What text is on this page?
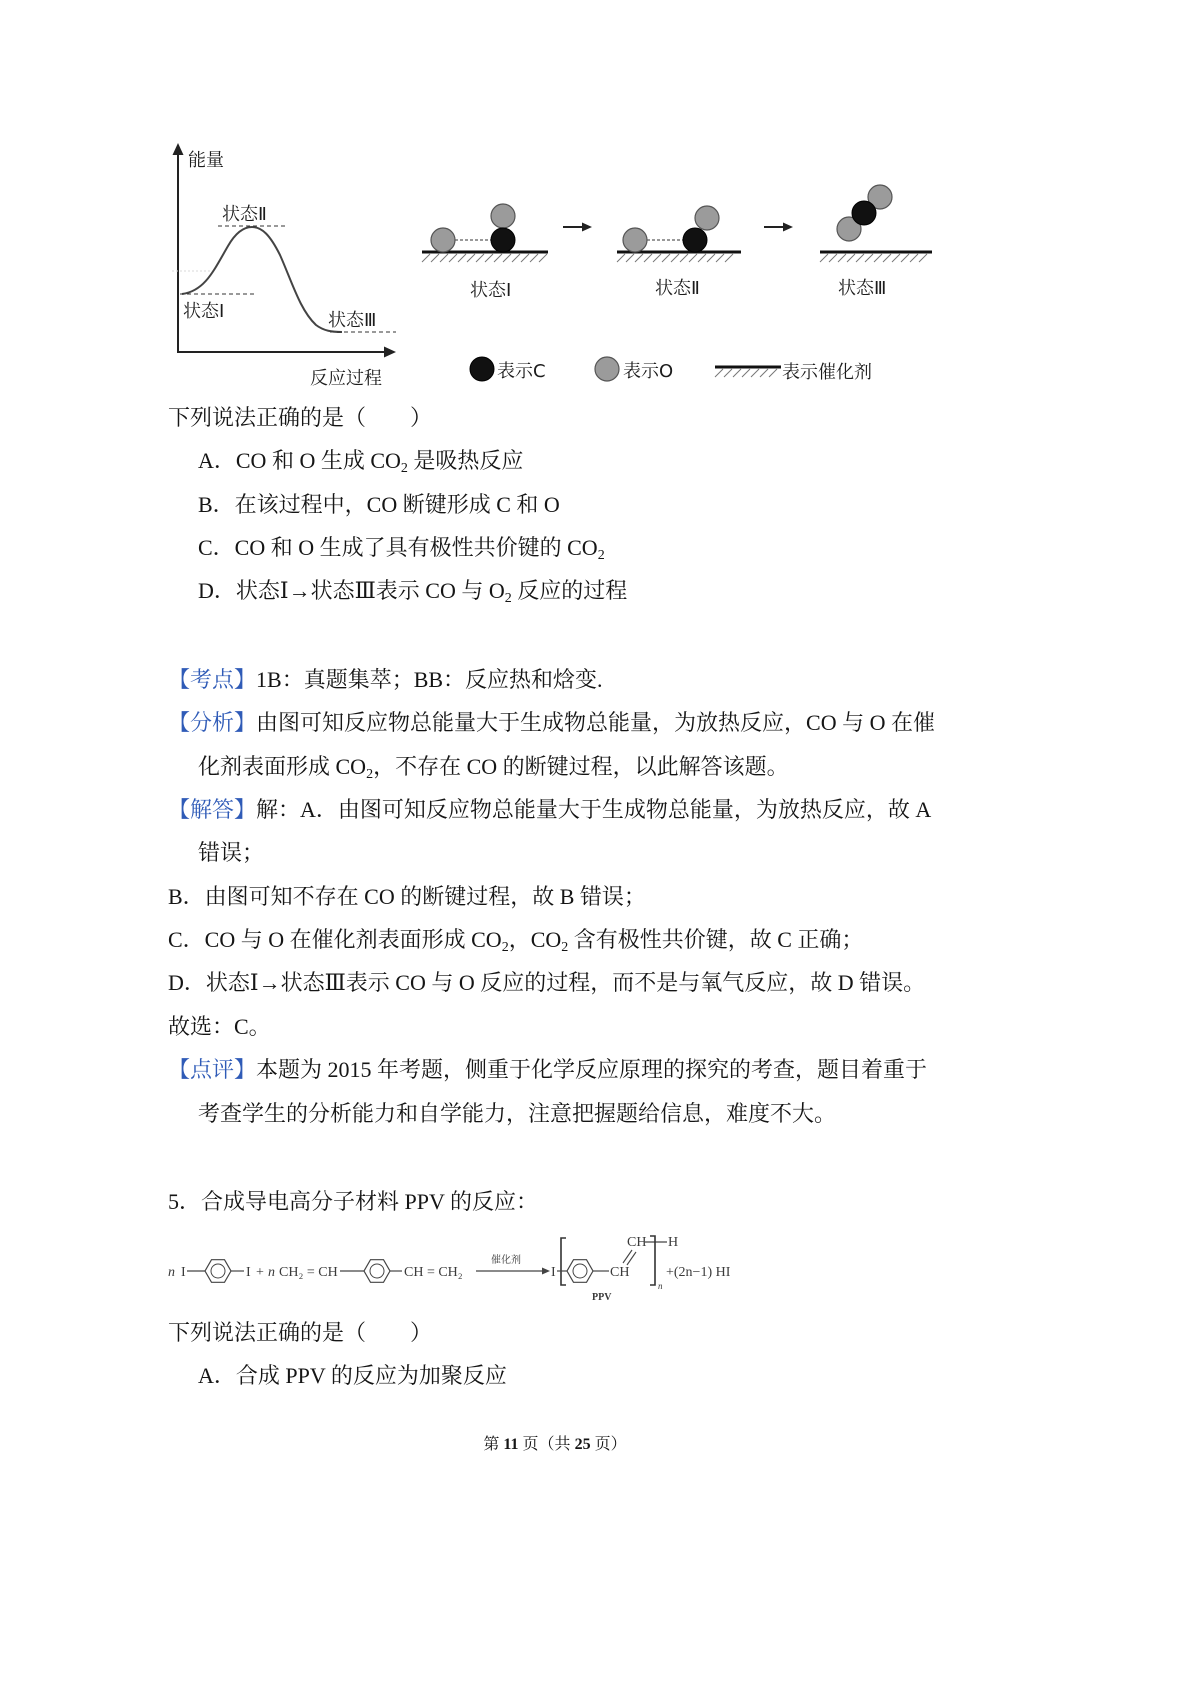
能量
状态Ⅱ
状态Ⅰ	状态Ⅲ
反应过程
状态Ⅰ	状态Ⅱ	状态Ⅲ
表示C	表示O	表示催化剂
下列说法正确的是（　　）
A．CO 和 O 生成 $CO_2$ 是吸热反应
B．在该过程中，CO 断键形成 C 和 O
C．CO 和 O 生成了具有极性共价键的 $CO_2$
D．状态Ⅰ→状态Ⅲ表示 CO 与 $O_2$ 反应的过程
【考点】1B：真题集萃；BB：反应热和焓变.
【分析】由图可知反应物总能量大于生成物总能量，为放热反应，CO 与 O 在催
化剂表面形成 $CO_2$，不存在 CO 的断键过程，以此解答该题。
【解答】解：A．由图可知反应物总能量大于生成物总能量，为放热反应，故 A
错误；
B．由图可知不存在 CO 的断键过程，故 B 错误；
C．CO 与 O 在催化剂表面形成 $CO_2$，$CO_2$ 含有极性共价键，故 C 正确；
D．状态Ⅰ→状态Ⅲ表示 CO 与 O 反应的过程，而不是与氧气反应，故 D 错误。
故选：C。
【点评】本题为 2015 年考题，侧重于化学反应原理的探究的考查，题目着重于
考查学生的分析能力和自学能力，注意把握题给信息，难度不大。
5．合成导电高分子材料 PPV 的反应：
n I	I + n CH₂ = CH	CH = CH₂
催化剂
I	CH
CH H
n
+(2n−1) HI
PPV
下列说法正确的是（　　）
A．合成 PPV 的反应为加聚反应
第 11 页（共 25 页）
